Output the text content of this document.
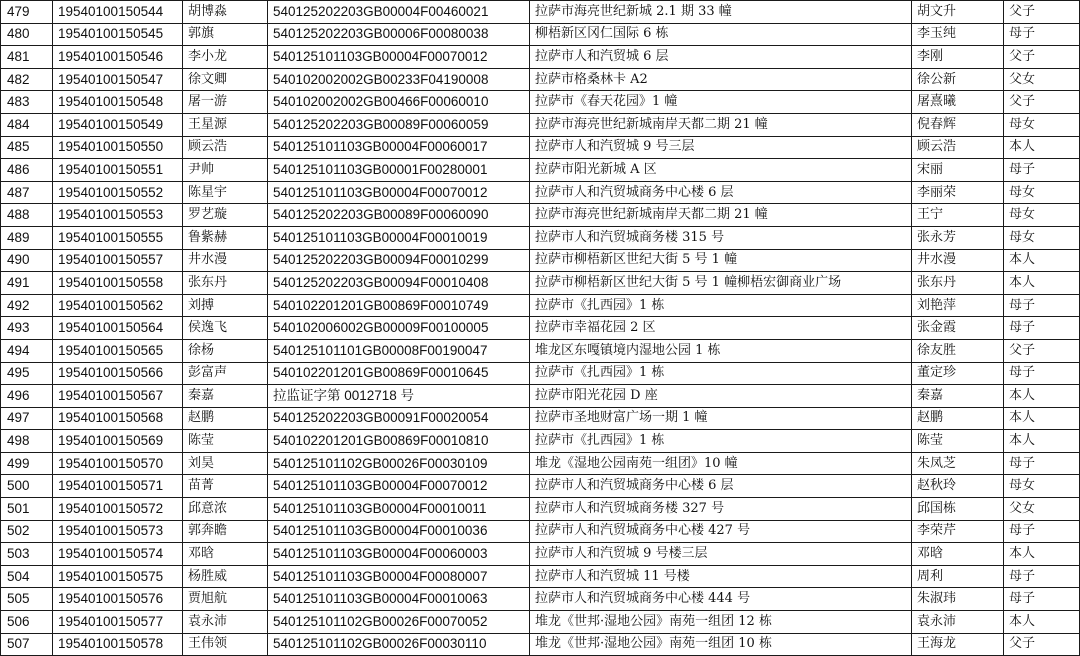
479	19540100150544	胡博淼	540125202203GB00004F00460021	拉萨市海亮世纪新城 2.1 期 33 幢	胡文升	父子
480	19540100150545	郭旗	540125202203GB00006F00080038	柳梧新区冈仁国际 6 栋	李玉纯	母子
481	19540100150546	李小龙	540125101103GB00004F00070012	拉萨市人和汽贸城 6 层	李刚	父子
482	19540100150547	徐文卿	540102002002GB00233F04190008	拉萨市格桑林卡 A2	徐公新	父女
483	19540100150548	屠一游	540102002002GB00466F00060010	拉萨市《春天花园》1 幢	屠熹曦	父子
484	19540100150549	王星源	540125202203GB00089F00060059	拉萨市海亮世纪新城南岸天都二期 21 幢	倪春辉	母女
485	19540100150550	顾云浩	540125101103GB00004F00060017	拉萨市人和汽贸城 9 号三层	顾云浩	本人
486	19540100150551	尹帅	540125101103GB00001F00280001	拉萨市阳光新城 A 区	宋丽	母子
487	19540100150552	陈星宇	540125101103GB00004F00070012	拉萨市人和汽贸城商务中心楼 6 层	李丽荣	母女
488	19540100150553	罗艺璇	540125202203GB00089F00060090	拉萨市海亮世纪新城南岸天都二期 21 幢	王宁	母女
489	19540100150555	鲁紫赫	540125101103GB00004F00010019	拉萨市人和汽贸城商务楼 315 号	张永芳	母女
490	19540100150557	井水漫	540125202203GB00094F00010299	拉萨市柳梧新区世纪大街 5 号 1 幢	井水漫	本人
491	19540100150558	张东丹	540125202203GB00094F00010408	拉萨市柳梧新区世纪大街 5 号 1 幢柳梧宏御商业广场	张东丹	本人
492	19540100150562	刘搏	540102201201GB00869F00010749	拉萨市《扎西园》1 栋	刘艳萍	母子
493	19540100150564	侯逸飞	540102006002GB00009F00100005	拉萨市幸福花园 2 区	张金霞	母子
494	19540100150565	徐杨	540125101101GB00008F00190047	堆龙区东嘎镇境内湿地公园 1 栋	徐友胜	父子
495	19540100150566	彭富声	540102201201GB00869F00010645	拉萨市《扎西园》1 栋	董定珍	母子
496	19540100150567	秦嘉	拉监证字第 0012718 号	拉萨市阳光花园 D 座	秦嘉	本人
497	19540100150568	赵鹏	540125202203GB00091F00020054	拉萨市圣地财富广场一期 1 幢	赵鹏	本人
498	19540100150569	陈莹	540102201201GB00869F00010810	拉萨市《扎西园》1 栋	陈莹	本人
499	19540100150570	刘昊	540125101102GB00026F00030109	堆龙《湿地公园南苑一组团》10 幢	朱凤芝	母子
500	19540100150571	苗菁	540125101103GB00004F00070012	拉萨市人和汽贸城商务中心楼 6 层	赵秋玲	母女
501	19540100150572	邱意浓	540125101103GB00004F00010011	拉萨市人和汽贸城商务楼 327 号	邱国栋	父女
502	19540100150573	郭奔瞻	540125101103GB00004F00010036	拉萨市人和汽贸城商务中心楼 427 号	李荣芹	母子
503	19540100150574	邓晗	540125101103GB00004F00060003	拉萨市人和汽贸城 9 号楼三层	邓晗	本人
504	19540100150575	杨胜威	540125101103GB00004F00080007	拉萨市人和汽贸城 11 号楼	周利	母子
505	19540100150576	贾旭航	540125101103GB00004F00010063	拉萨市人和汽贸城商务中心楼 444 号	朱淑玮	母子
506	19540100150577	袁永沛	540125101102GB00026F00070052	堆龙《世邦·湿地公园》南苑一组团 12 栋	袁永沛	本人
507	19540100150578	王伟领	540125101102GB00026F00030110	堆龙《世邦·湿地公园》南苑一组团 10 栋	王海龙	父子
